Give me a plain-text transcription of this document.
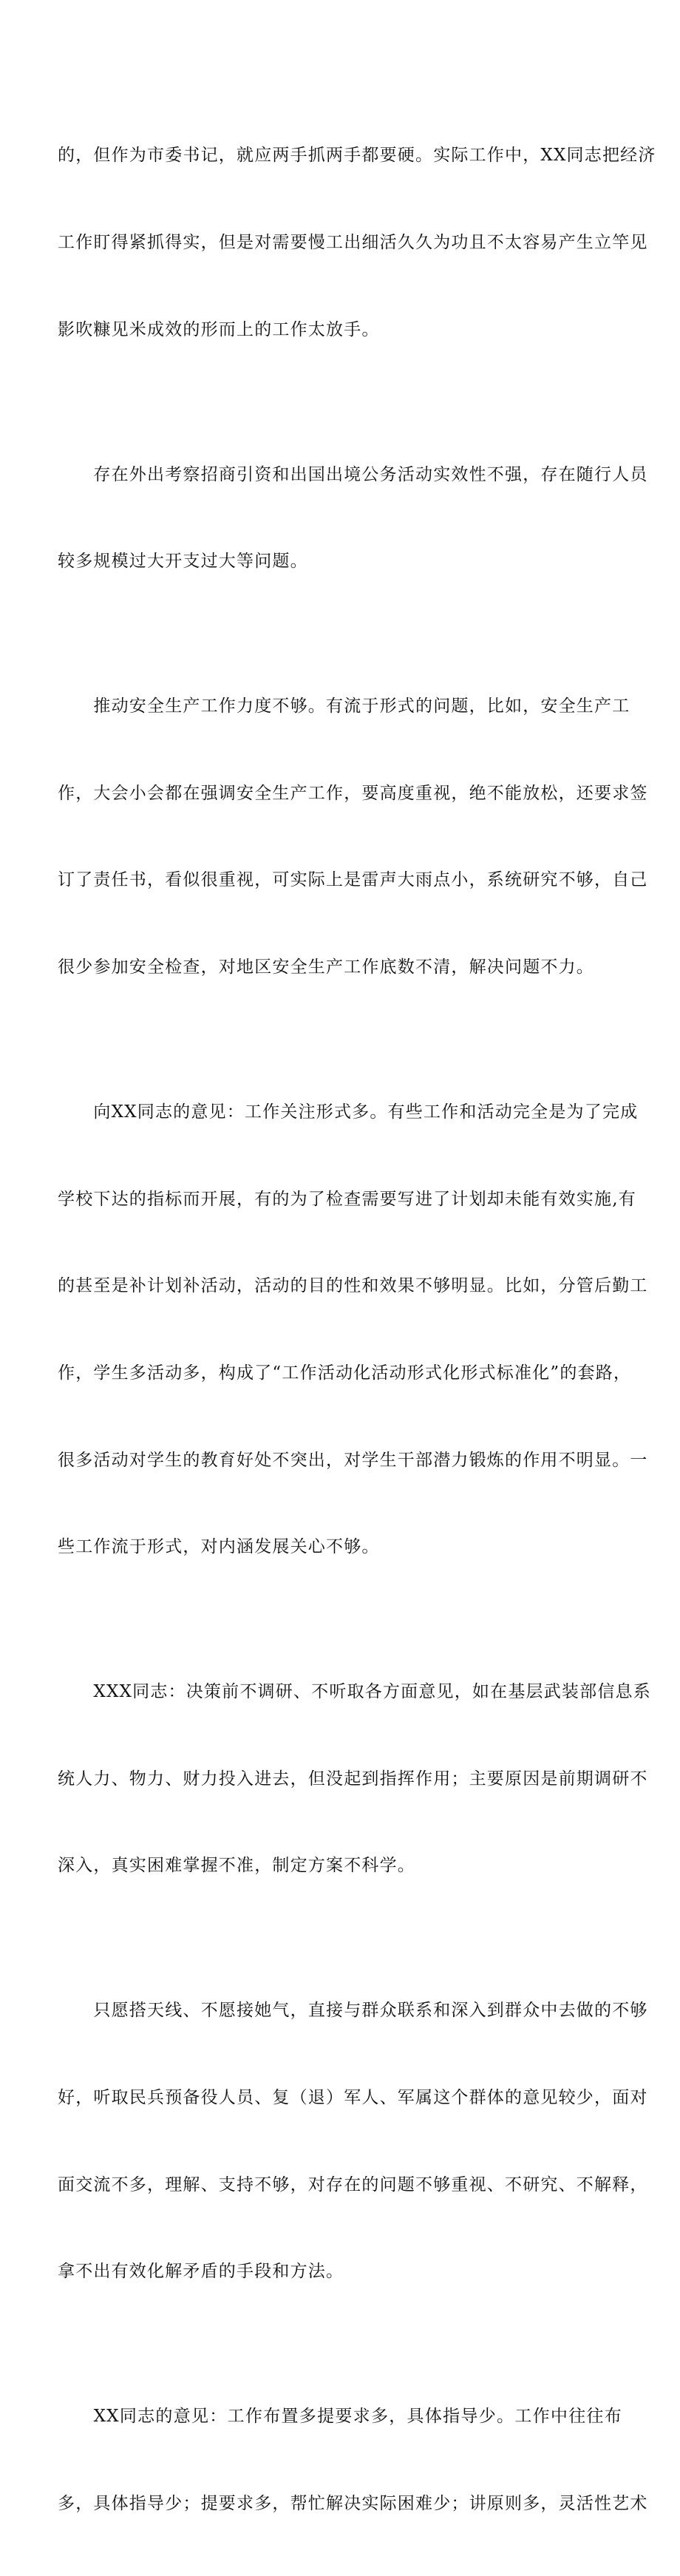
的，但作为市委书记，就应两手抓两手都要硬。实际工作中，XX同志把经济

工作盯得紧抓得实，但是对需要慢工出细活久久为功且不太容易产生立竿见

影吹糠见米成效的形而上的工作太放手。

　　存在外出考察招商引资和出国出境公务活动实效性不强，存在随行人员

较多规模过大开支过大等问题。

　　推动安全生产工作力度不够。有流于形式的问题，比如，安全生产工

作，大会小会都在强调安全生产工作，要高度重视，绝不能放松，还要求签

订了责任书，看似很重视，可实际上是雷声大雨点小，系统研究不够，自己

很少参加安全检查，对地区安全生产工作底数不清，解决问题不力。

　　向XX同志的意见：工作关注形式多。有些工作和活动完全是为了完成

学校下达的指标而开展，有的为了检查需要写进了计划却未能有效实施,有

的甚至是补计划补活动，活动的目的性和效果不够明显。比如，分管后勤工

作，学生多活动多，构成了“工作活动化活动形式化形式标准化”的套路，

很多活动对学生的教育好处不突出，对学生干部潜力锻炼的作用不明显。一

些工作流于形式，对内涵发展关心不够。

　　XXX同志：决策前不调研、不听取各方面意见，如在基层武装部信息系

统人力、物力、财力投入进去，但没起到指挥作用；主要原因是前期调研不

深入，真实困难掌握不准，制定方案不科学。

　　只愿搭天线、不愿接她气，直接与群众联系和深入到群众中去做的不够

好，听取民兵预备役人员、复（退）军人、军属这个群体的意见较少，面对

面交流不多，理解、支持不够，对存在的问题不够重视、不研究、不解释，

拿不出有效化解矛盾的手段和方法。

　　XX同志的意见：工作布置多提要求多，具体指导少。工作中往往布

多，具体指导少；提要求多，帮忙解决实际困难少；讲原则多，灵活性艺术
